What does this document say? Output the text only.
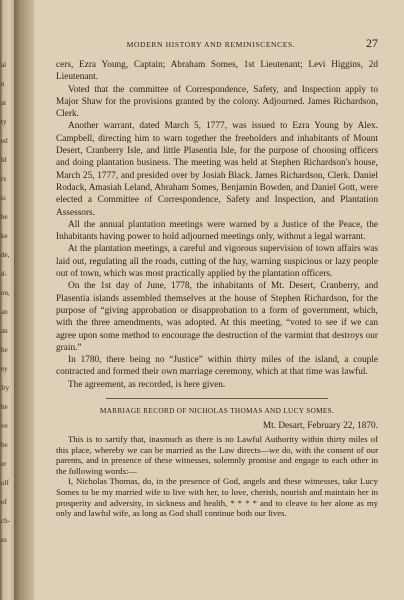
al
n
at
ty
ed
ld
rs
is
be
ke
de,
d-
on,
an
an
he
ey
Iry
he
ve
be
er
olf
of
ch-
es
MODERN HISTORY AND REMINISCENCES.	27

cers, Ezra Young, Captain; Abraham Somes, 1st Lieutenant; Levi Higgins, 2d Lieutenant.

Voted that the committee of Correspondence, Safety, and Inspection apply to Major Shaw for the provisions granted by the colony. Adjourned. James Richardson, Clerk.

Another warrant, dated March 5, 1777, was issued to Ezra Young by Alex. Campbell, directing him to warn together the freeholders and inhabitants of Mount Desert, Cranberry Isle, and little Plasentia Isle, for the purpose of choosing officers and doing plantation business. The meeting was held at Stephen Richardson's house, March 25, 1777, and presided over by Josiah Black. James Richardson, Clerk. Daniel Rodack, Amasiah Leland, Abraham Somes, Benjamin Bowden, and Daniel Gott, were elected a Committee of Correspondence, Safety and Inspection, and Plantation Assessors.

All the annual plantation meetings were warned by a Justice of the Peace, the Inhabitants having power to hold adjourned meetings only, without a legal warrant.

At the plantation meetings, a careful and vigorous supervision of town affairs was laid out, regulating all the roads, cutting of the hay, warning suspicious or lazy people out of town, which was most practically applied by the plantation officers.

On the 1st day of June, 1778, the inhabitants of Mt. Desert, Cranberry, and Plasentia islands assembled themselves at the house of Stephen Richardson, for the purpose of “giving approbation or disapprobation to a form of government, which, with the three amendments, was adopted. At this meeting, “voted to see if we can agree upon some method to encourage the destruction of the varmint that destroys our grain.”

In 1780, there being no “Justice” within thirty miles of the island, a couple contracted and formed their own marriage ceremony, which at that time was lawful.

The agreement, as recorded, is here given.

MARRIAGE RECORD OF NICHOLAS THOMAS AND LUCY SOMES.
Mt. Desart, February 22, 1870.

This is to sartify that, inasmuch as there is no Lawful Authority within thirty miles of this place, whereby we can be married as the Law directs—we do, with the consent of our parents, and in presence of these witnesses, solemnly promise and engage to each other in the following words:—

I, Nicholas Thomas, do, in the presence of God, angels and these witnesses, take Lucy Somes to be my married wife to live with her, to love, cherish, nourish and maintain her in prosperity and adversity, in sickness and health, * * * * and to cleave to her alone as my only and lawful wife, as long as God shall continue both our lives.
